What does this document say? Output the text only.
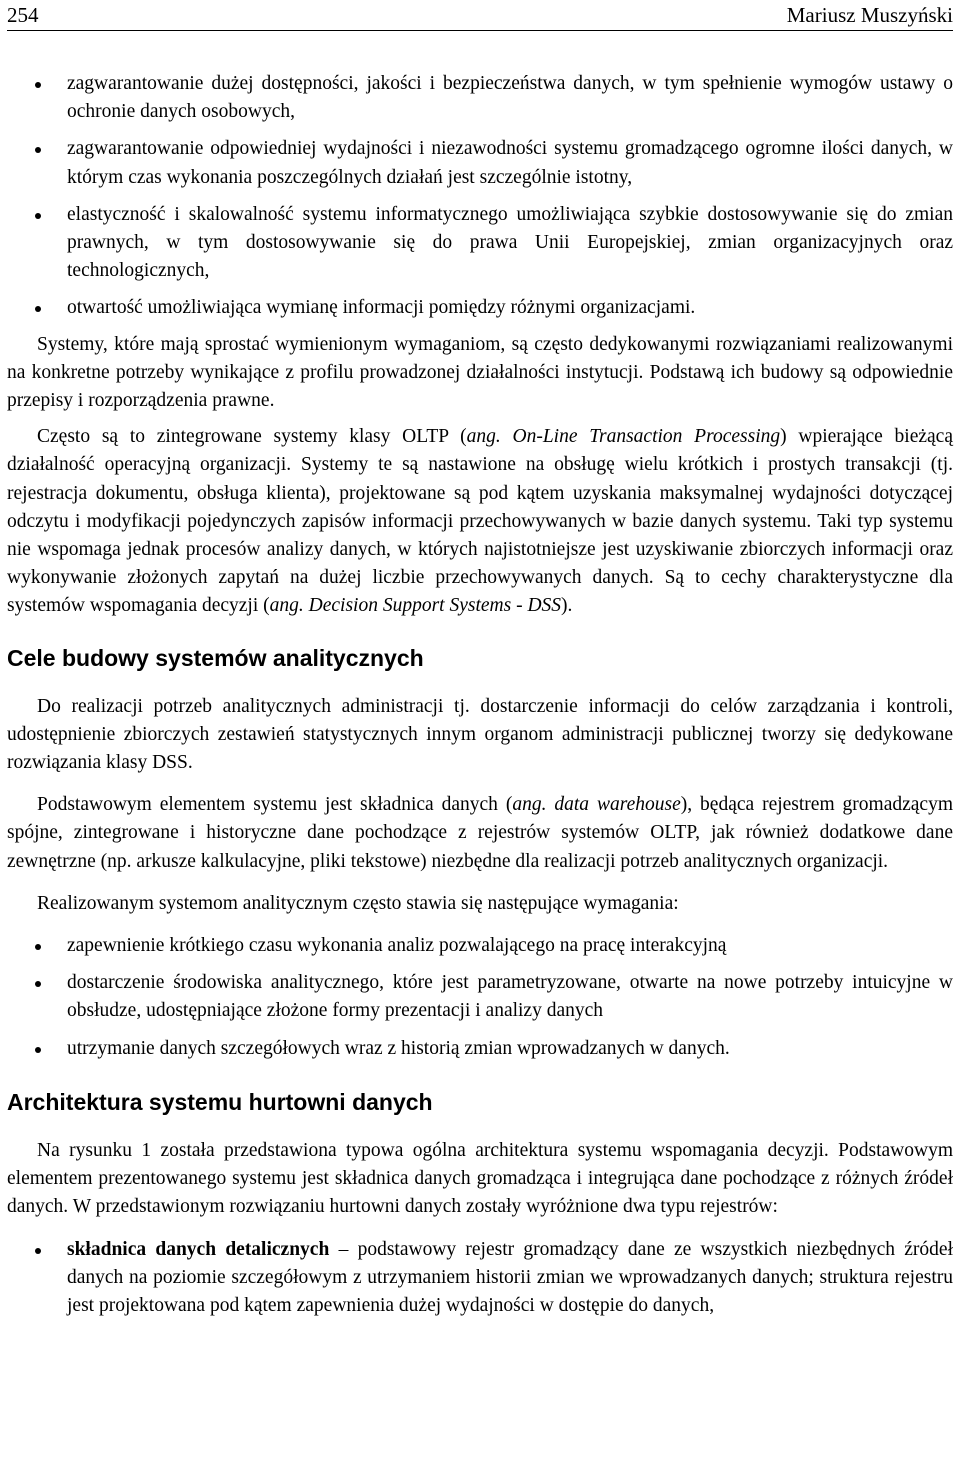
254	Mariusz Muszyński
zagwarantowanie dużej dostępności, jakości i bezpieczeństwa danych, w tym spełnienie wymogów ustawy o ochronie danych osobowych,
zagwarantowanie odpowiedniej wydajności i niezawodności systemu gromadzącego ogromne ilości danych, w którym czas wykonania poszczególnych działań jest szczególnie istotny,
elastyczność i skalowalność systemu informatycznego umożliwiająca szybkie dostosowywanie się do zmian prawnych, w tym dostosowywanie się do prawa Unii Europejskiej, zmian organizacyjnych oraz technologicznych,
otwartość umożliwiająca wymianę informacji pomiędzy różnymi organizacjami.

Systemy, które mają sprostać wymienionym wymaganiom, są często dedykowanymi rozwiązaniami realizowanymi na konkretne potrzeby wynikające z profilu prowadzonej działalności instytucji. Podstawą ich budowy są odpowiednie przepisy i rozporządzenia prawne.

Często są to zintegrowane systemy klasy OLTP (ang. On-Line Transaction Processing) wpierające bieżącą działalność operacyjną organizacji. Systemy te są nastawione na obsługę wielu krótkich i prostych transakcji (tj. rejestracja dokumentu, obsługa klienta), projektowane są pod kątem uzyskania maksymalnej wydajności dotyczącej odczytu i modyfikacji pojedynczych zapisów informacji przechowywanych w bazie danych systemu. Taki typ systemu nie wspomaga jednak procesów analizy danych, w których najistotniejsze jest uzyskiwanie zbiorczych informacji oraz wykonywanie złożonych zapytań na dużej liczbie przechowywanych danych. Są to cechy charakterystyczne dla systemów wspomagania decyzji (ang. Decision Support Systems - DSS).

Cele budowy systemów analitycznych

Do realizacji potrzeb analitycznych administracji tj. dostarczenie informacji do celów zarządzania i kontroli, udostępnienie zbiorczych zestawień statystycznych innym organom administracji publicznej tworzy się dedykowane rozwiązania klasy DSS.

Podstawowym elementem systemu jest składnica danych (ang. data warehouse), będąca rejestrem gromadzącym spójne, zintegrowane i historyczne dane pochodzące z rejestrów systemów OLTP, jak również dodatkowe dane zewnętrzne (np. arkusze kalkulacyjne, pliki tekstowe) niezbędne dla realizacji potrzeb analitycznych organizacji.

Realizowanym systemom analitycznym często stawia się następujące wymagania:

zapewnienie krótkiego czasu wykonania analiz pozwalającego na pracę interakcyjną
dostarczenie środowiska analitycznego, które jest parametryzowane, otwarte na nowe potrzeby intuicyjne w obsłudze, udostępniające złożone formy prezentacji i analizy danych
utrzymanie danych szczegółowych wraz z historią zmian wprowadzanych w danych.
Architektura systemu hurtowni danych

Na rysunku 1 została przedstawiona typowa ogólna architektura systemu wspomagania decyzji. Podstawowym elementem prezentowanego systemu jest składnica danych gromadząca i integrująca dane pochodzące z różnych źródeł danych. W przedstawionym rozwiązaniu hurtowni danych zostały wyróżnione dwa typu rejestrów:

składnica danych detalicznych – podstawowy rejestr gromadzący dane ze wszystkich niezbędnych źródeł danych na poziomie szczegółowym z utrzymaniem historii zmian we wprowadzanych danych; struktura rejestru jest projektowana pod kątem zapewnienia dużej wydajności w dostępie do danych,
